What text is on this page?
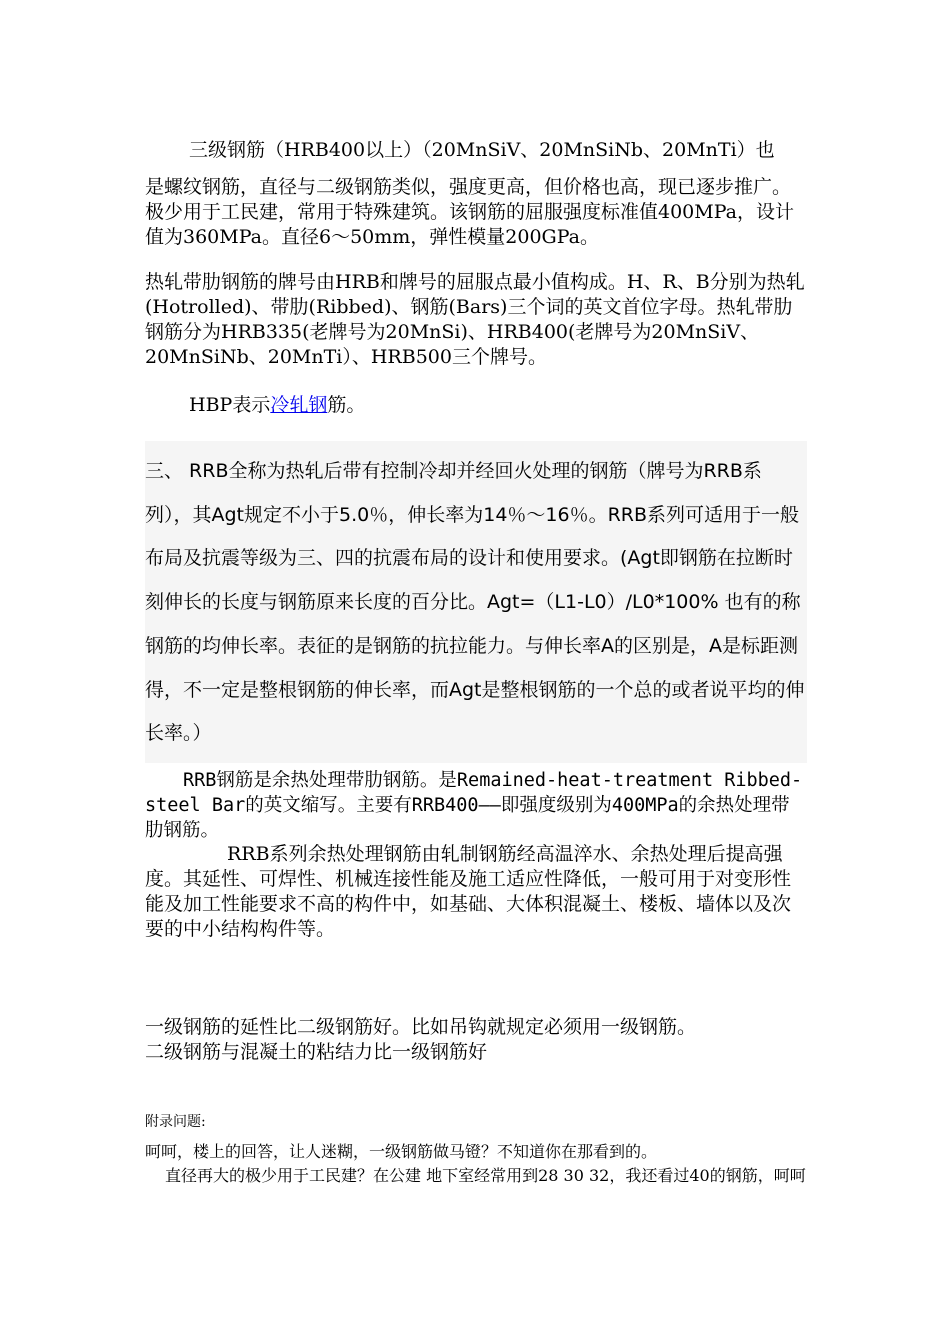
三级钢筋（HRB400以上）（20MnSiV、20MnSiNb、20MnTi）也
是螺纹钢筋，直径与二级钢筋类似，强度更高，但价格也高，现已逐步推广。极少用于工民建，常用于特殊建筑。该钢筋的屈服强度标准值400MPa，设计值为360MPa。直径6～50mm，弹性模量200GPa。

热轧带肋钢筋的牌号由HRB和牌号的屈服点最小值构成。H、R、B分别为热轧(Hotrolled)、带肋(Ribbed)、钢筋(Bars)三个词的英文首位字母。热轧带肋钢筋分为HRB335(老牌号为20MnSi)、HRB400(老牌号为20MnSiV、20MnSiNb、20MnTi）、HRB500三个牌号。

HBP表示冷轧钢筋。

三、 RRB全称为热轧后带有控制冷却并经回火处理的钢筋（牌号为RRB系列），其Agt规定不小于5.0％，伸长率为14％～16％。RRB系列可适用于一般布局及抗震等级为三、四的抗震布局的设计和使用要求。(Agt即钢筋在拉断时刻伸长的长度与钢筋原来长度的百分比。Agt=（L1-L0）/L0*100% 也有的称钢筋的均伸长率。表征的是钢筋的抗拉能力。与伸长率A的区别是，A是标距测得，不一定是整根钢筋的伸长率，而Agt是整根钢筋的一个总的或者说平均的伸长率。）

RRB钢筋是余热处理带肋钢筋。是Remained-heat-treatment Ribbed-steel Bar的英文缩写。主要有RRB400——即强度级别为400MPa的余热处理带肋钢筋。

RRB系列余热处理钢筋由轧制钢筋经高温淬水、余热处理后提高强度。其延性、可焊性、机械连接性能及施工适应性降低，一般可用于对变形性能及加工性能要求不高的构件中，如基础、大体积混凝土、楼板、墙体以及次要的中小结构构件等。

一级钢筋的延性比二级钢筋好。比如吊钩就规定必须用一级钢筋。
二级钢筋与混凝土的粘结力比一级钢筋好
附录问题:
呵呵，楼上的回答，让人迷糊，一级钢筋做马镫？不知道你在那看到的。
直径再大的极少用于工民建？在公建 地下室经常用到28 30 32，我还看过40的钢筋，呵呵
